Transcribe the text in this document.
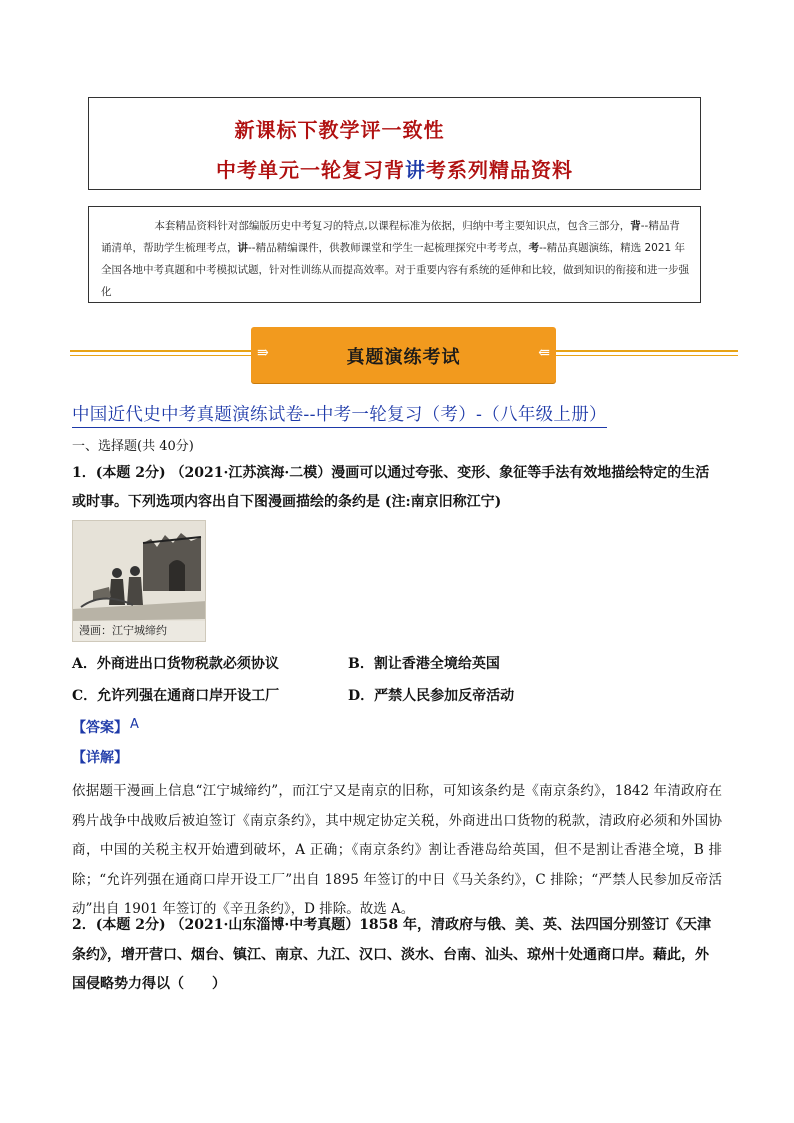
新课标下教学评一致性
中考单元一轮复习背讲考系列精品资料
本套精品资料针对部编版历史中考复习的特点,以课程标准为依据，归纳中考主要知识点，包含三部分，背--精品背诵清单，帮助学生梳理考点，讲--精品精编课件，供教师课堂和学生一起梳理探究中考考点，考--精品真题演练，精选 2021 年全国各地中考真题和中考模拟试题，针对性训练从而提高效率。对于重要内容有系统的延伸和比较，做到知识的衔接和进一步强化
⇛	真题演练考试	⇚
中国近代史中考真题演练试卷--中考一轮复习（考）-（八年级上册）
一、选择题(共 40分)
1．(本题 2分) （2021·江苏滨海·二模）漫画可以通过夸张、变形、象征等手法有效地描绘特定的生活或时事。下列选项内容出自下图漫画描绘的条约是 (注:南京旧称江宁)
漫画：江宁城缔约
A．外商进出口货物税款必须协议	B．割让香港全境给英国
C．允许列强在通商口岸开设工厂	D．严禁人民参加反帝活动
【答案】 A
【详解】
依据题干漫画上信息“江宁城缔约”，而江宁又是南京的旧称，可知该条约是《南京条约》，1842 年清政府在鸦片战争中战败后被迫签订《南京条约》，其中规定协定关税，外商进出口货物的税款，清政府必须和外国协商，中国的关税主权开始遭到破坏，A 正确；《南京条约》割让香港岛给英国，但不是割让香港全境，B 排除；“允许列强在通商口岸开设工厂”出自 1895 年签订的中日《马关条约》，C 排除；“严禁人民参加反帝活动”出自 1901 年签订的《辛丑条约》，D 排除。故选 A。
2．(本题 2分) （2021·山东淄博·中考真题）1858 年，清政府与俄、美、英、法四国分别签订《天津条约》，增开营口、烟台、镇江、南京、九江、汉口、淡水、台南、汕头、琼州十处通商口岸。藉此，外国侵略势力得以（　　）
